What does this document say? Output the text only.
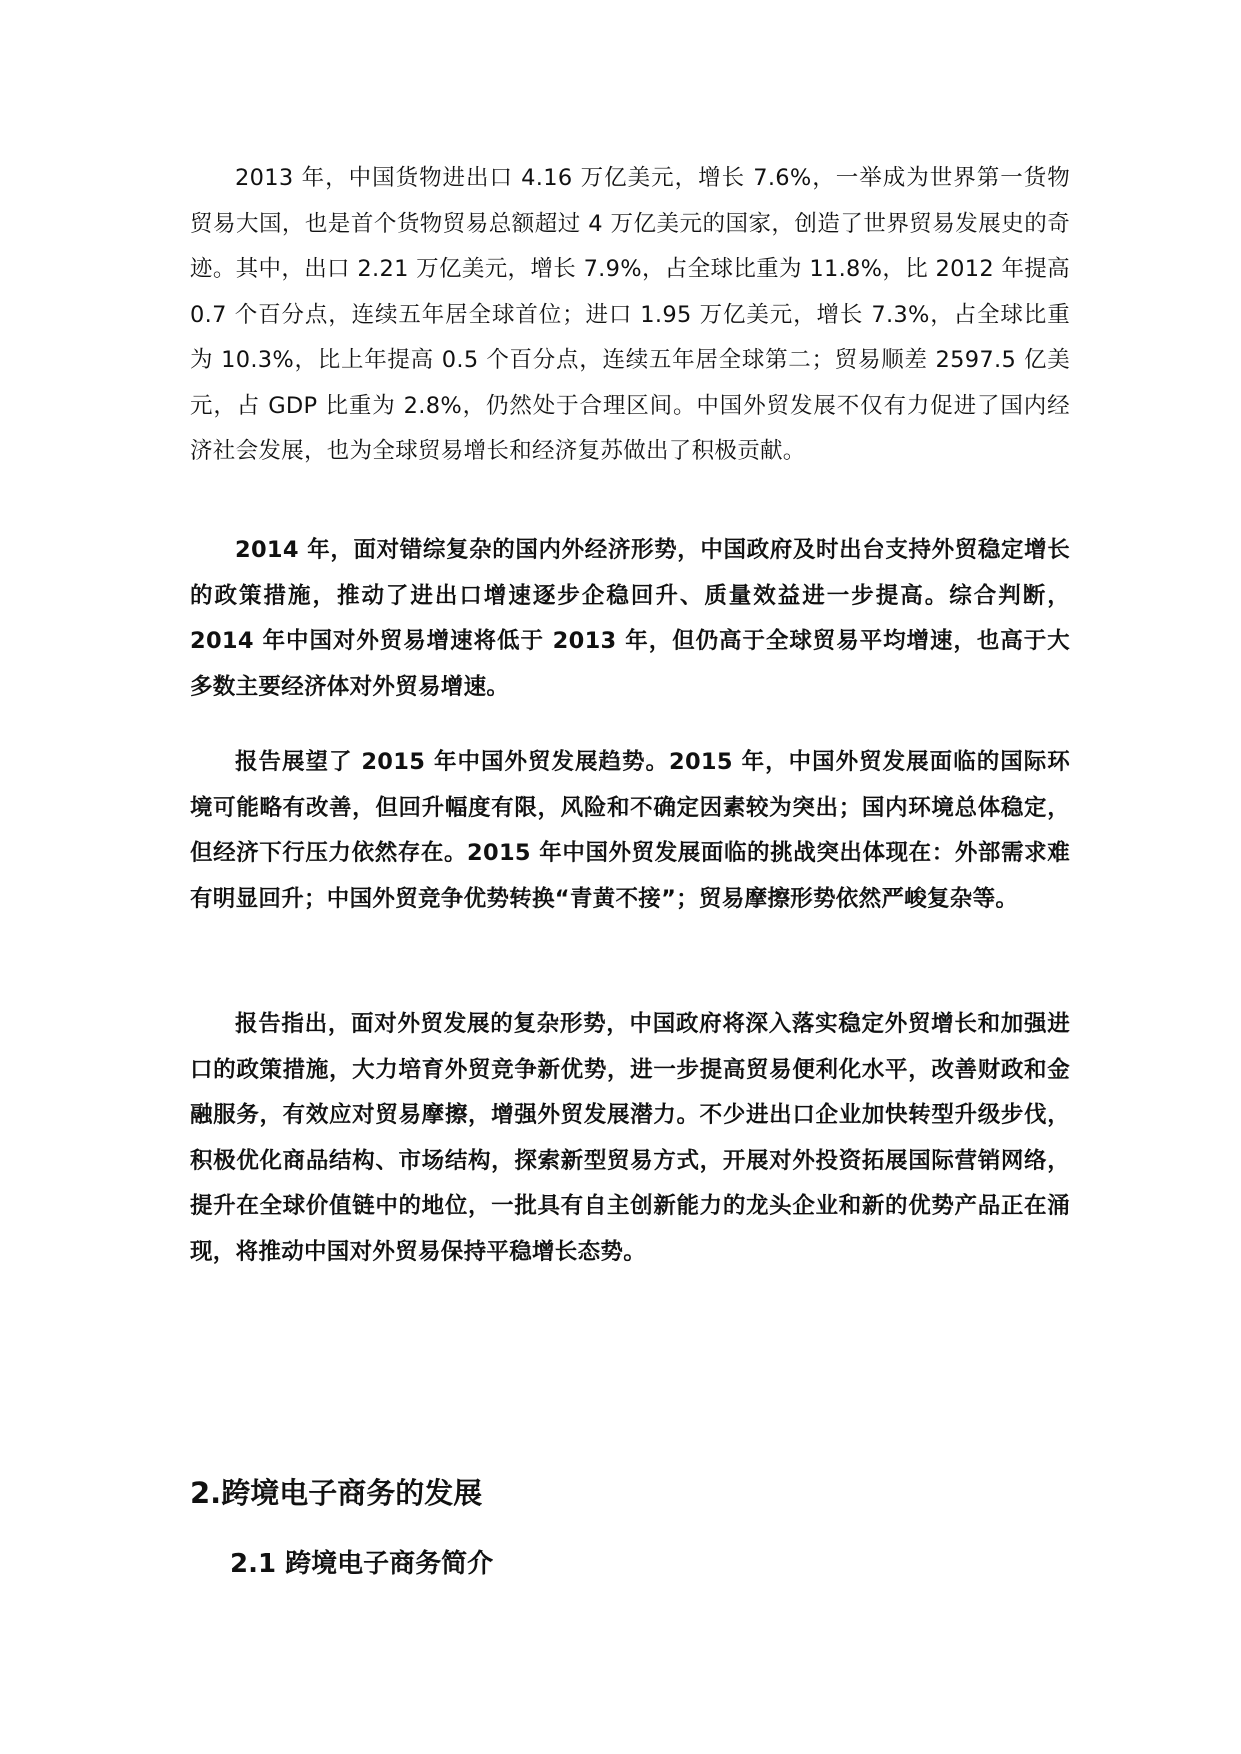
2013 年，中国货物进出口 4.16 万亿美元，增长 7.6%，一举成为世界第一货物贸易大国，也是首个货物贸易总额超过 4 万亿美元的国家，创造了世界贸易发展史的奇迹。其中，出口 2.21 万亿美元，增长 7.9%，占全球比重为 11.8%，比 2012 年提高 0.7 个百分点，连续五年居全球首位；进口 1.95 万亿美元，增长 7.3%，占全球比重为 10.3%，比上年提高 0.5 个百分点，连续五年居全球第二；贸易顺差 2597.5 亿美元，占 GDP 比重为 2.8%，仍然处于合理区间。中国外贸发展不仅有力促进了国内经济社会发展，也为全球贸易增长和经济复苏做出了积极贡献。

2014 年，面对错综复杂的国内外经济形势，中国政府及时出台支持外贸稳定增长的政策措施，推动了进出口增速逐步企稳回升、质量效益进一步提高。综合判断，2014 年中国对外贸易增速将低于 2013 年，但仍高于全球贸易平均增速，也高于大多数主要经济体对外贸易增速。

报告展望了 2015 年中国外贸发展趋势。2015 年，中国外贸发展面临的国际环境可能略有改善，但回升幅度有限，风险和不确定因素较为突出；国内环境总体稳定，但经济下行压力依然存在。2015 年中国外贸发展面临的挑战突出体现在：外部需求难有明显回升；中国外贸竞争优势转换“青黄不接”；贸易摩擦形势依然严峻复杂等。

报告指出，面对外贸发展的复杂形势，中国政府将深入落实稳定外贸增长和加强进口的政策措施，大力培育外贸竞争新优势，进一步提高贸易便利化水平，改善财政和金融服务，有效应对贸易摩擦，增强外贸发展潜力。不少进出口企业加快转型升级步伐，积极优化商品结构、市场结构，探索新型贸易方式，开展对外投资拓展国际营销网络，提升在全球价值链中的地位，一批具有自主创新能力的龙头企业和新的优势产品正在涌现，将推动中国对外贸易保持平稳增长态势。

2.跨境电子商务的发展
2.1 跨境电子商务简介
